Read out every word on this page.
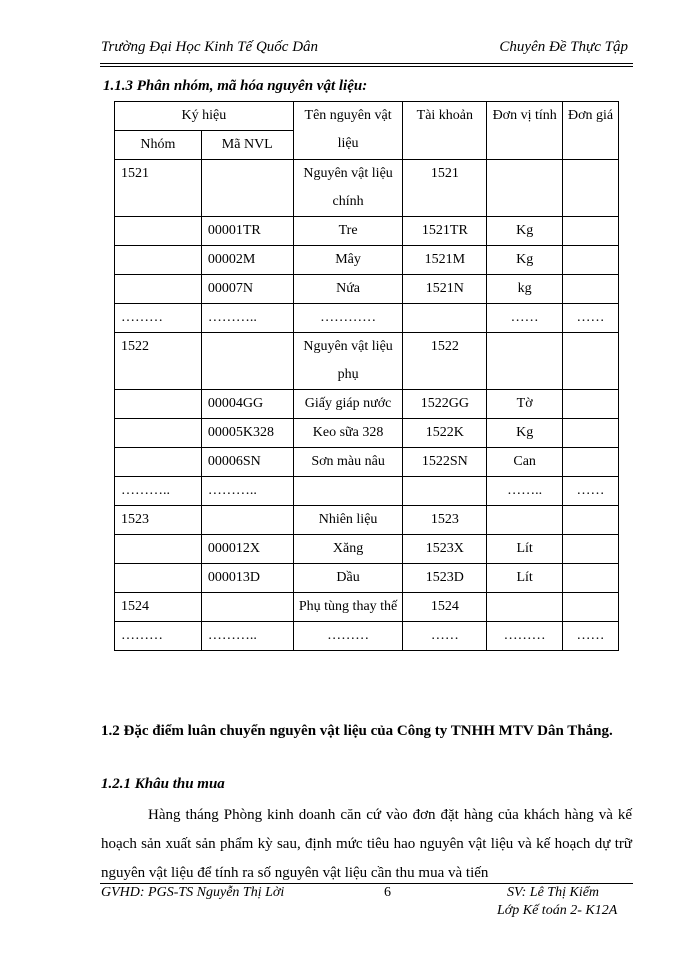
Trường Đại Học Kinh Tế Quốc Dân	Chuyên Đề Thực Tập
1.1.3 Phân nhóm, mã hóa nguyên vật liệu:
Ký hiệu		Tên nguyên vật liệu	Tài khoản	Đơn vị tính	Đơn giá
Nhóm	Mã NVL				
1521		Nguyên vật liệu chính	1521		
	00001TR	Tre	1521TR	Kg	
	00002M	Mây	1521M	Kg	
	00007N	Nứa	1521N	kg	
………	………..	…………		……	……
1522		Nguyên vật liệu phụ	1522		
	00004GG	Giấy giáp nước	1522GG	Tờ	
	00005K328	Keo sữa 328	1522K	Kg	
	00006SN	Sơn màu nâu	1522SN	Can	
………..	………..			……..	……
1523		Nhiên liệu	1523		
	000012X	Xăng	1523X	Lít	
	000013D	Dầu	1523D	Lít	
1524		Phụ tùng thay thế	1524		
………	………..	………	……	………	……
1.2 Đặc điểm luân chuyển nguyên vật liệu của Công ty TNHH MTV Dân Thắng.
1.2.1 Khâu thu mua
Hàng tháng Phòng kinh doanh căn cứ vào đơn đặt hàng của khách hàng và kế hoạch sản xuất sản phẩm kỳ sau, định mức tiêu hao nguyên vật liệu và kế hoạch dự trữ nguyên vật liệu để tính ra số nguyên vật liệu cần thu mua và tiến
GVHD: PGS-TS Nguyễn Thị Lời	6	SV: Lê Thị Kiểm
Lớp Kế toán 2- K12A
